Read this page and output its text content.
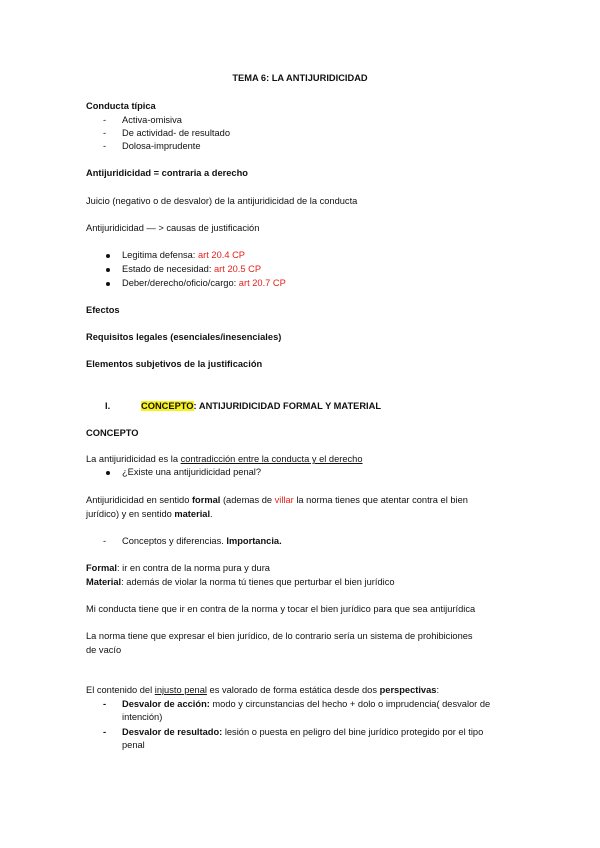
TEMA 6: LA ANTIJURIDICIDAD
Conducta típica
- Activa-omisiva
- De actividad- de resultado
- Dolosa-imprudente
Antijuridicidad = contraria a derecho
Juicio (negativo o de desvalor) de la antijuridicidad de la conducta
Antijuridicidad — > causas de justificación
Legitima defensa: art 20.4 CP
Estado de necesidad: art 20.5 CP
Deber/derecho/oficio/cargo: art 20.7 CP
Efectos
Requisitos legales (esenciales/inesenciales)
Elementos subjetivos de la justificación
I.	CONCEPTO: ANTIJURIDICIDAD FORMAL Y MATERIAL
CONCEPTO
La antijuridicidad es la contradicción entre la conducta y el derecho
¿Existe una antijuridicidad penal?
Antijuridicidad en sentido formal (ademas de villar la norma tienes que atentar contra el bien
jurídico) y en sentido material.
- Conceptos y diferencias. Importancia.
Formal: ir en contra de la norma pura y dura
Material: además de violar la norma tú tienes que perturbar el bien jurídico
Mi conducta tiene que ir en contra de la norma y tocar el bien jurídico para que sea antijurídica
La norma tiene que expresar el bien jurídico, de lo contrario sería un sistema de prohibiciones
de vacío
El contenido del injusto penal es valorado de forma estática desde dos perspectivas:
- Desvalor de acción: modo y circunstancias del hecho + dolo o imprudencia( desvalor de
intención)
- Desvalor de resultado: lesión o puesta en peligro del bine jurídico protegido por el tipo
penal
